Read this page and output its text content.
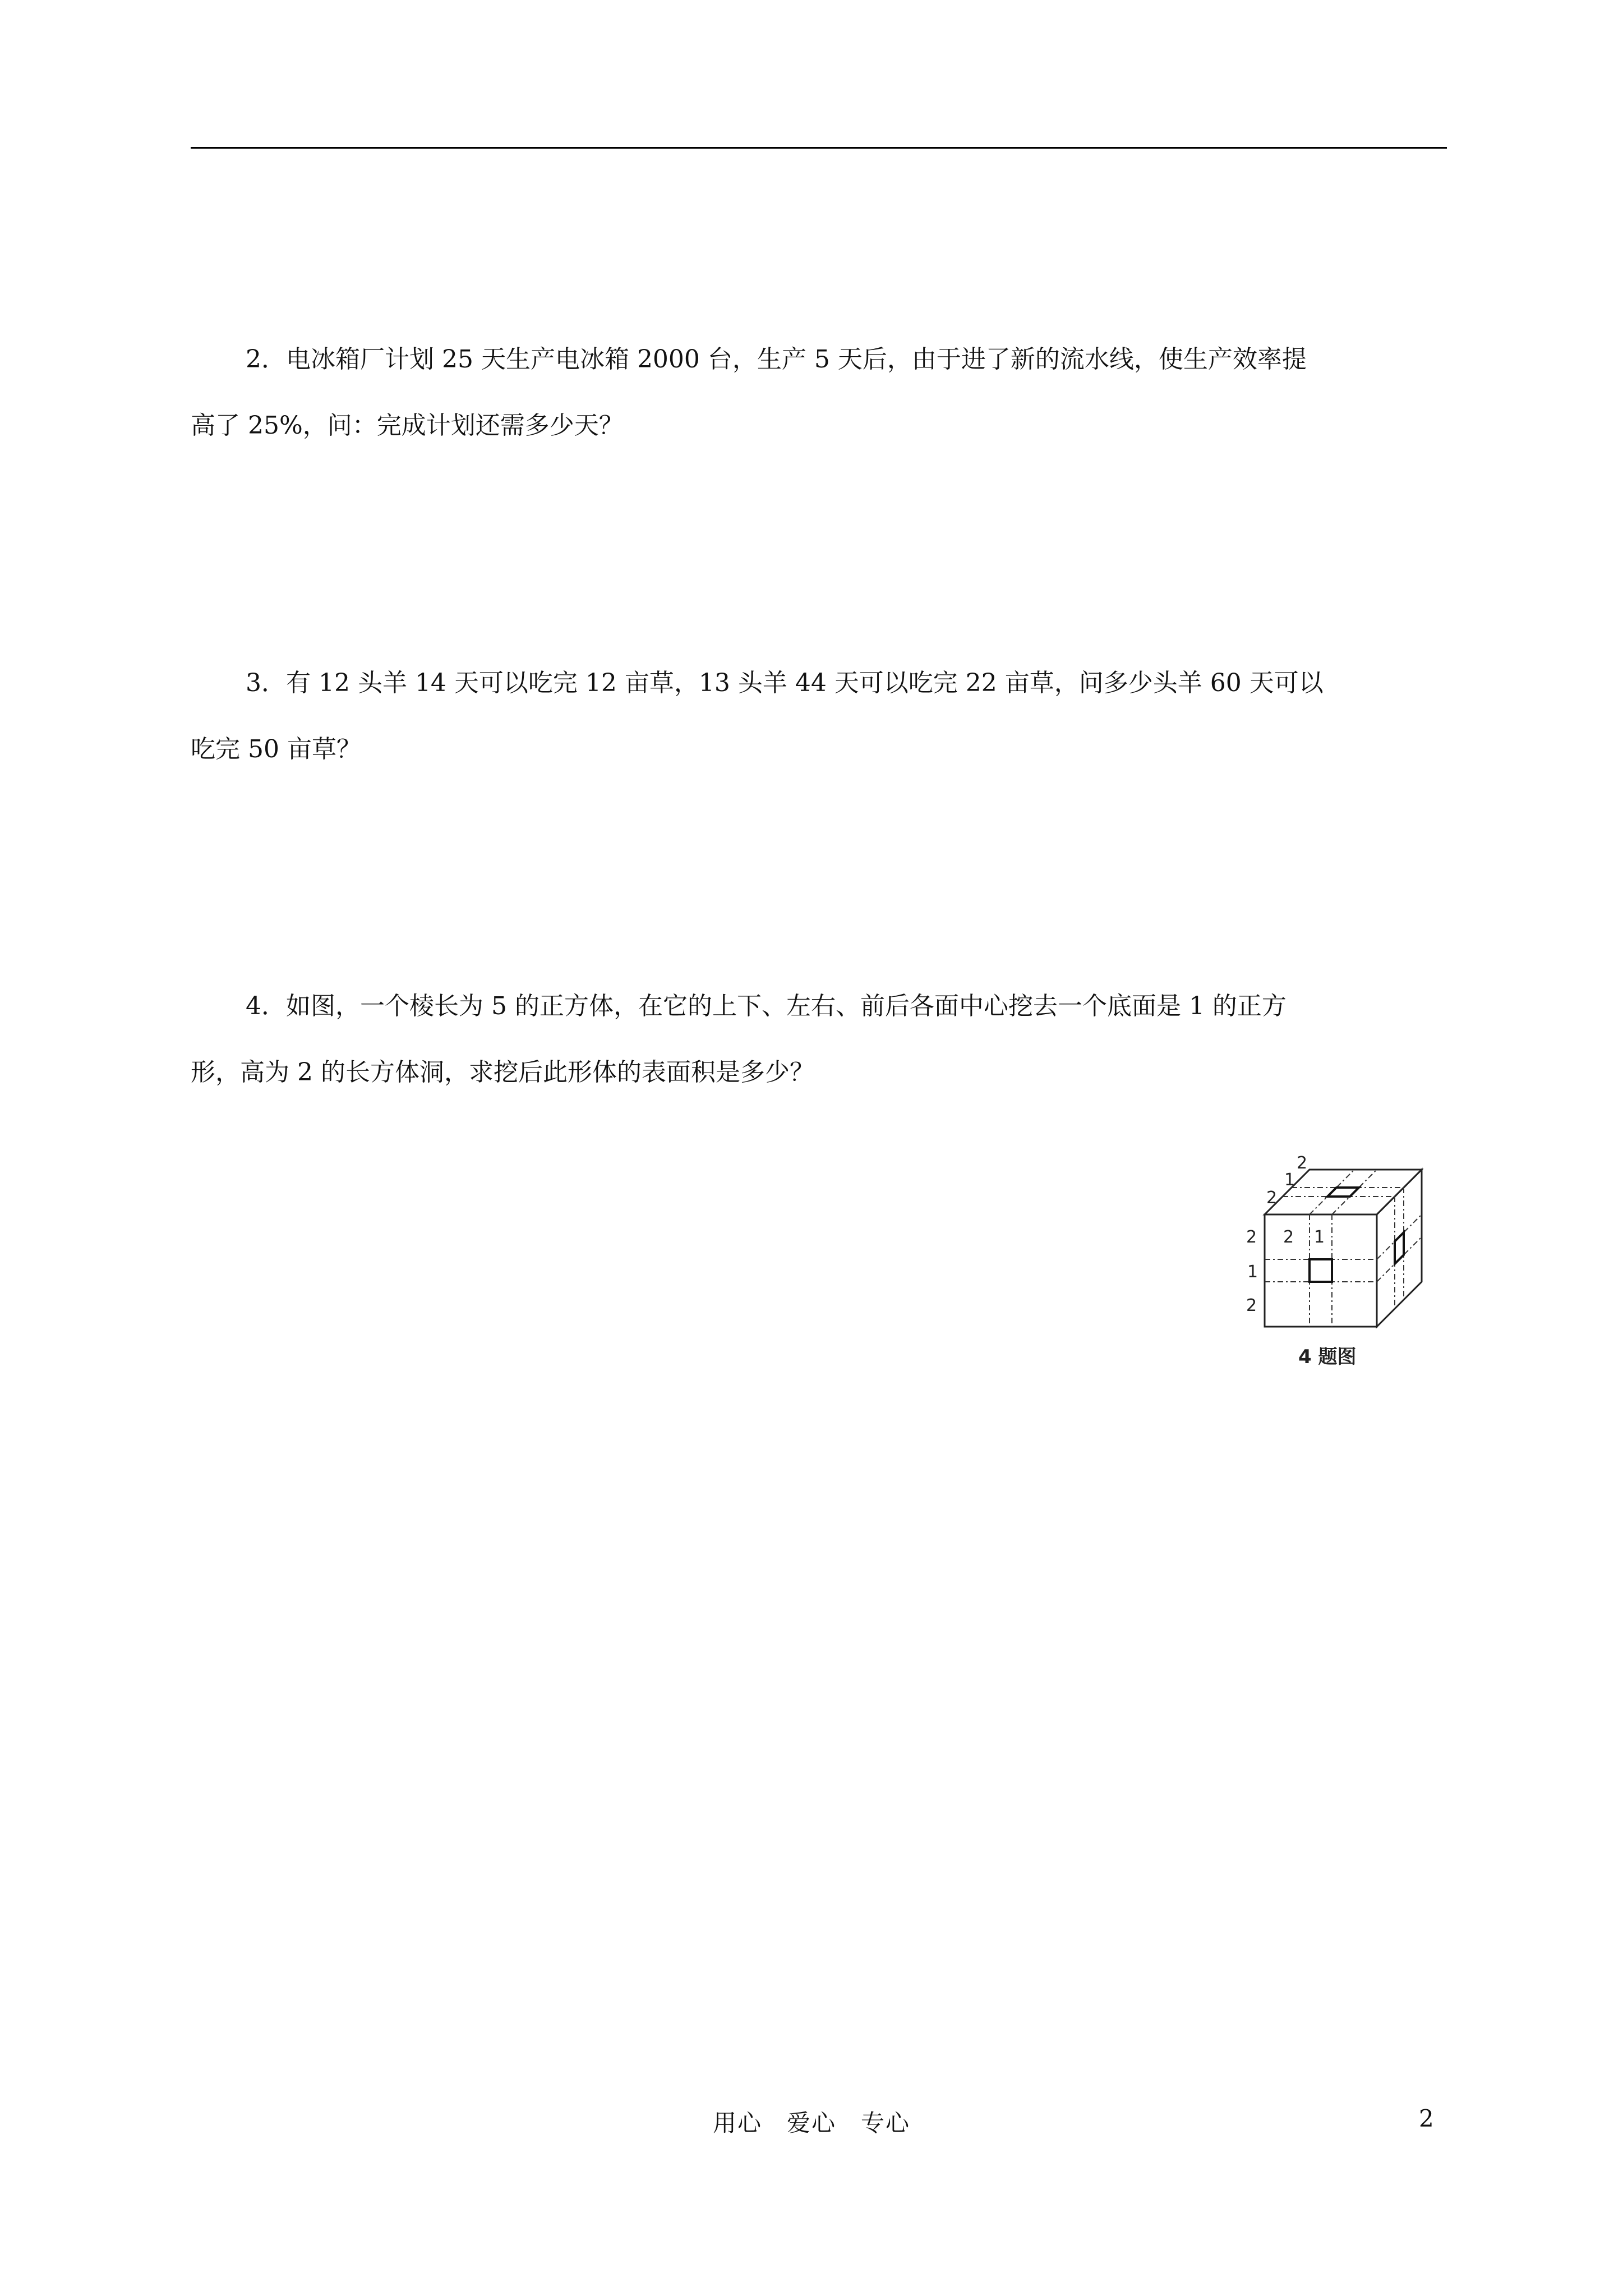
2．电冰箱厂计划 25 天生产电冰箱 2000 台，生产 5 天后，由于进了新的流水线，使生产效率提
高了 25%，问：完成计划还需多少天？
3．有 12 头羊 14 天可以吃完 12 亩草，13 头羊 44 天可以吃完 22 亩草，问多少头羊 60 天可以
吃完 50 亩草？
4．如图，一个棱长为 5 的正方体，在它的上下、左右、前后各面中心挖去一个底面是 1 的正方
形，高为 2 的长方体洞，求挖后此形体的表面积是多少？
2
1
2
2
1
2
2 1
4 题图
用心　爱心　专心	2
